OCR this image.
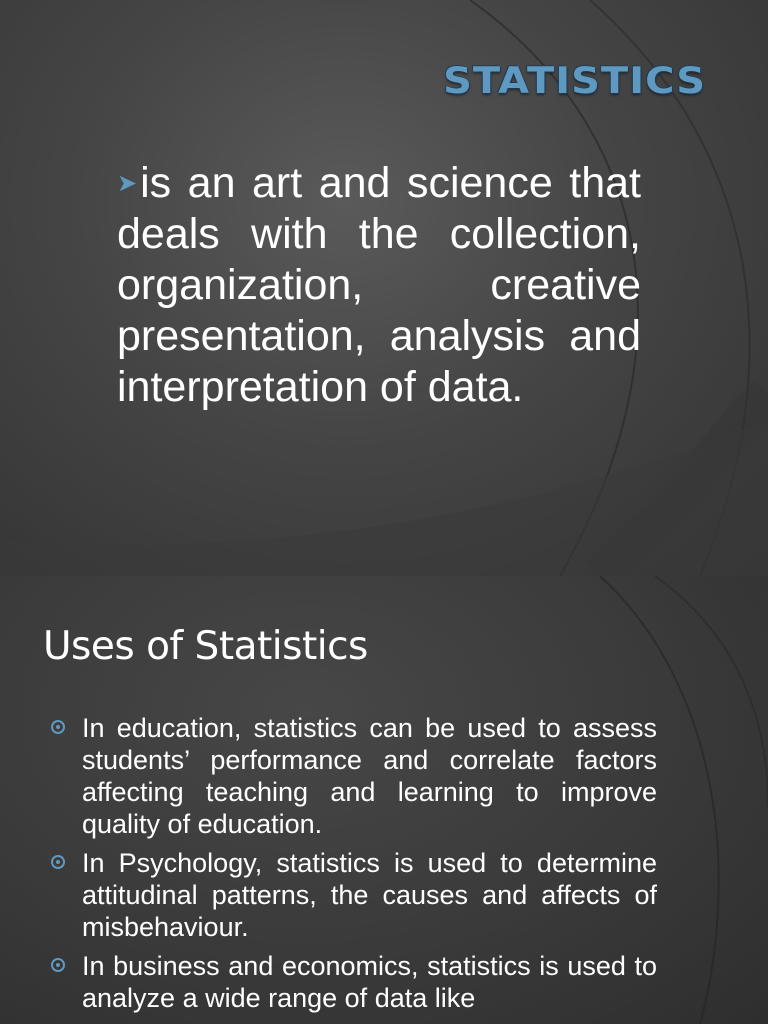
STATISTICS

➤is an art and science that deals with the collection, organization, creative presentation, analysis and interpretation of data.

Uses of Statistics
In education, statistics can be used to assess students’ performance and correlate factors affecting teaching and learning to improve quality of education.
In Psychology, statistics is used to determine attitudinal patterns, the causes and affects of misbehaviour.
In business and economics, statistics is used to analyze a wide range of data like
